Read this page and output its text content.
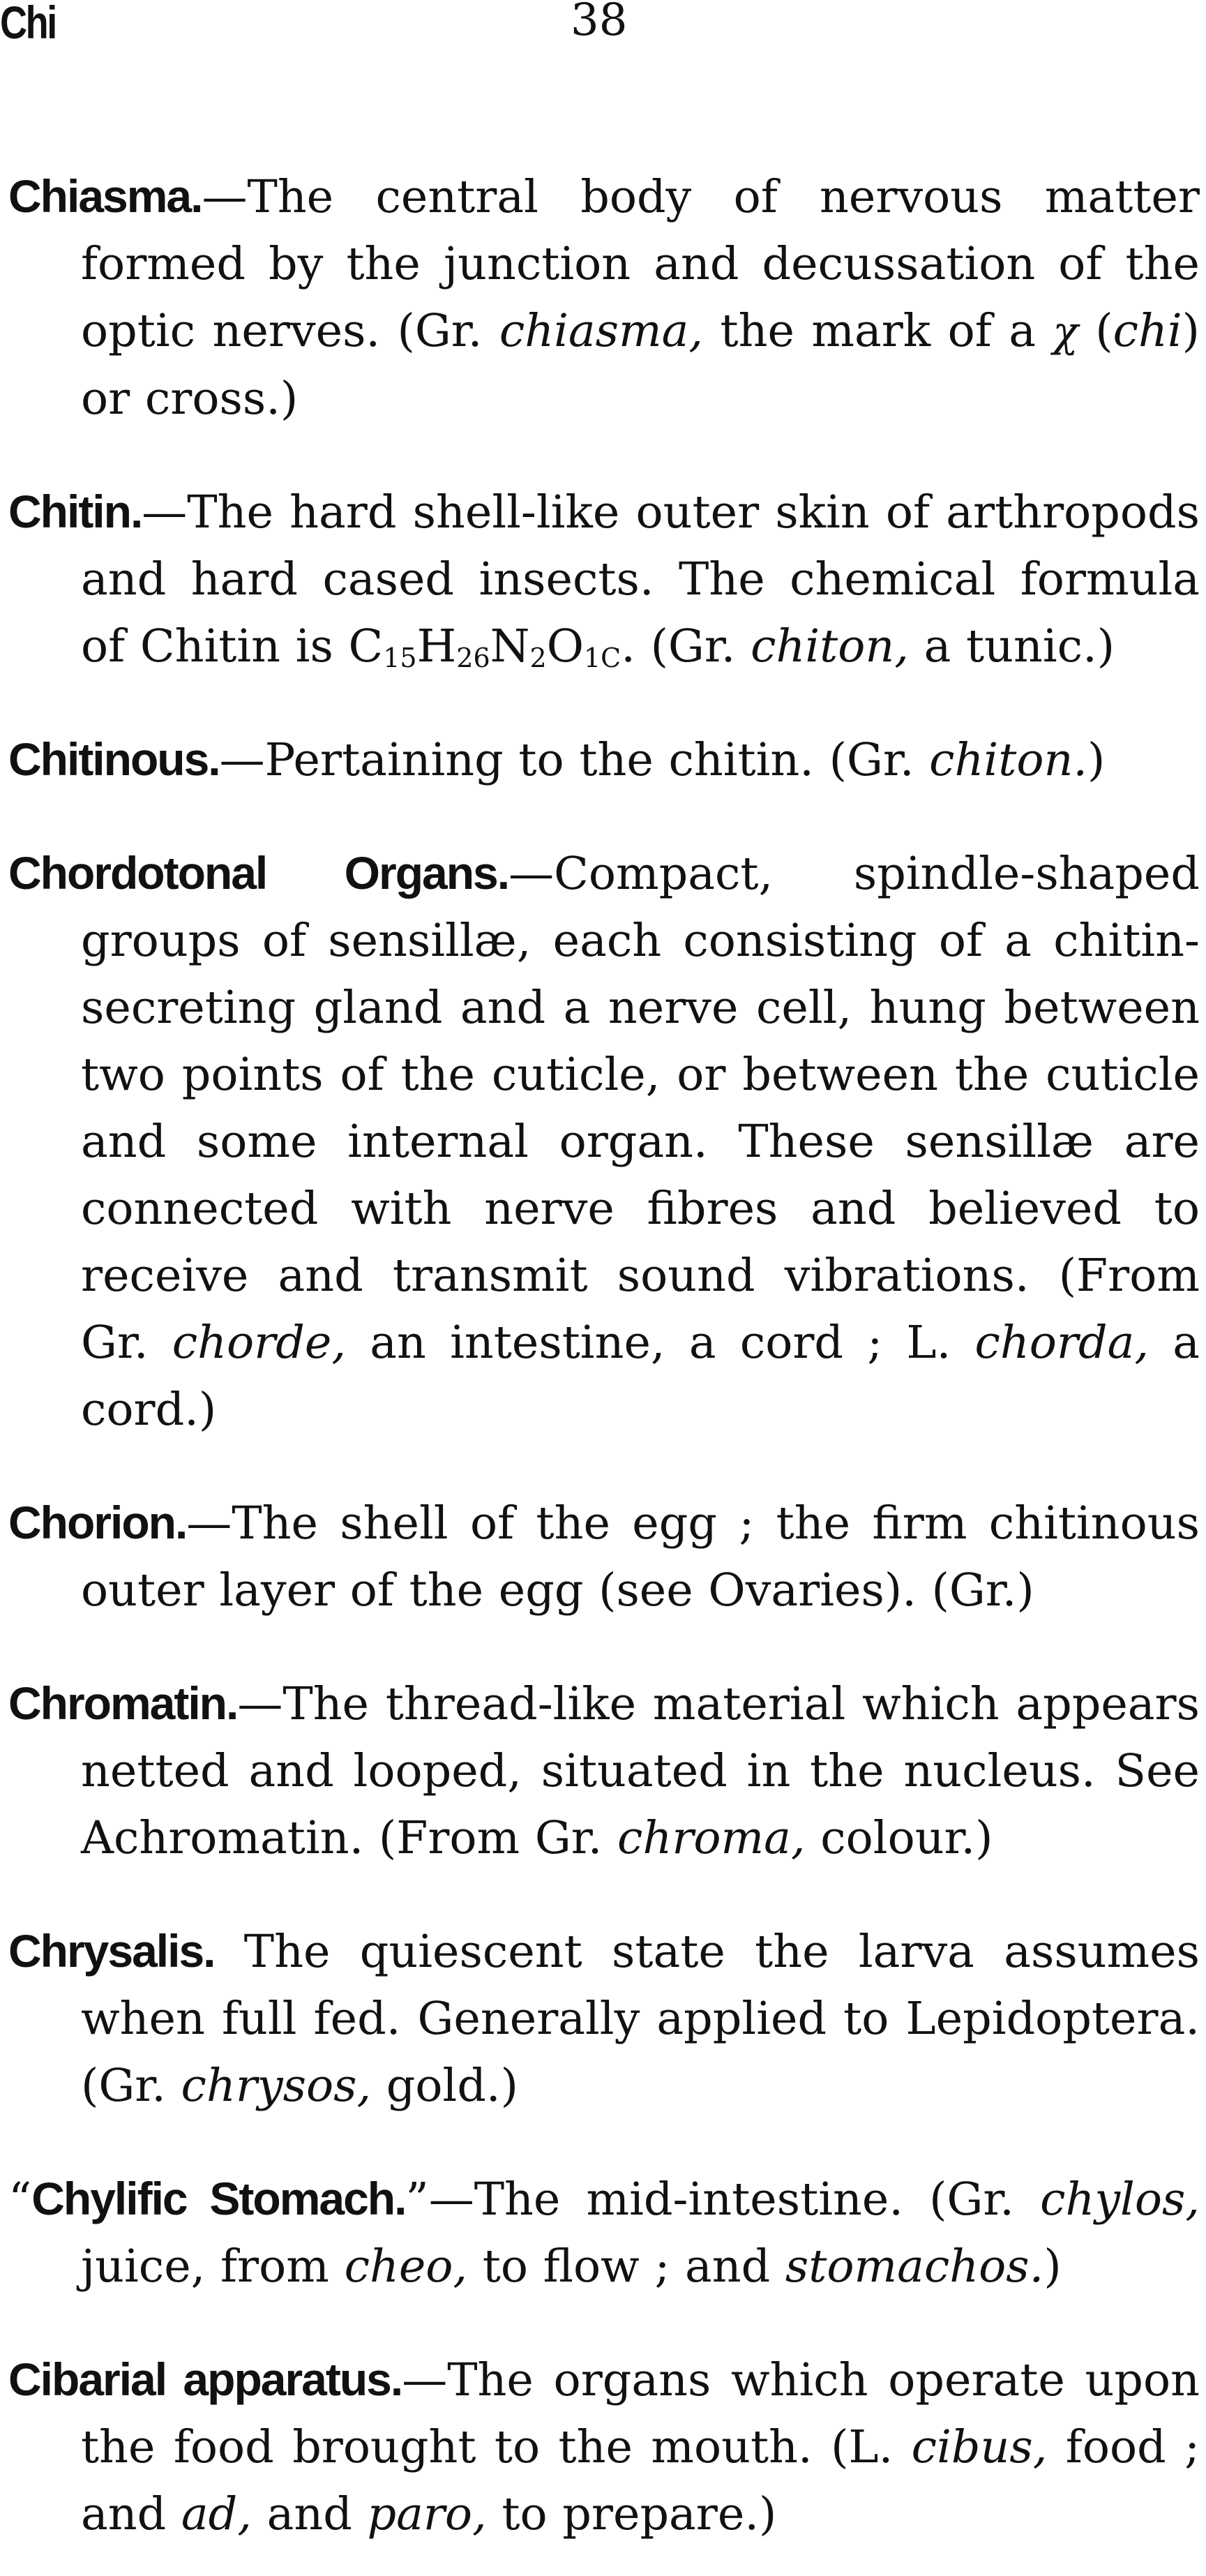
Chi	38

Chiasma.—The central body of nervous matter formed by the junction and decussation of the optic nerves. (Gr. chiasma, the mark of a χ (chi) or cross.)

Chitin.—The hard shell-like outer skin of arthropods and hard cased insects. The chemical formula of Chitin is $C_{15}H_{26}N_2O_{1C}$. (Gr. chiton, a tunic.)

Chitinous.—Pertaining to the chitin. (Gr. chiton.)

Chordotonal Organs.—Compact, spindle-shaped groups of sensillæ, each consisting of a chitin-secreting gland and a nerve cell, hung between two points of the cuticle, or between the cuticle and some internal organ. These sensillæ are connected with nerve fibres and believed to receive and transmit sound vibrations. (From Gr. chorde, an intestine, a cord ; L. chorda, a cord.)

Chorion.—The shell of the egg ; the firm chitinous outer layer of the egg (see Ovaries). (Gr.)

Chromatin.—The thread-like material which appears netted and looped, situated in the nucleus. See Achromatin. (From Gr. chroma, colour.)

Chrysalis. The quiescent state the larva assumes when full fed. Generally applied to Lepidoptera. (Gr. chrysos, gold.)

“Chylific Stomach.”—The mid-intestine. (Gr. chylos, juice, from cheo, to flow ; and stomachos.)

Cibarial apparatus.—The organs which operate upon the food brought to the mouth. (L. cibus, food ; and ad, and paro, to prepare.)
